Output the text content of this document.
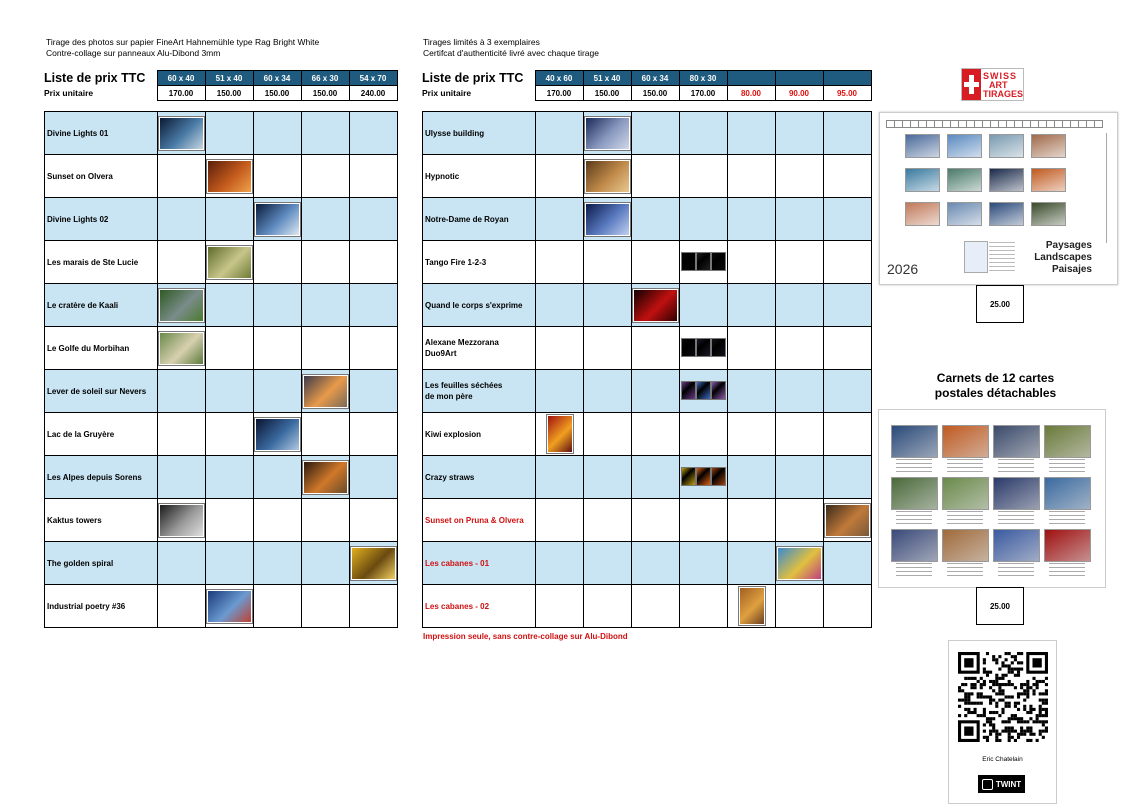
Tirage des photos sur papier FineArt Hahnemühle type Rag Bright White
Contre-collage sur panneaux Alu-Dibond 3mm
Tirages limités à 3 exemplaires
Certifcat d'authenticité livré avec chaque tirage
Liste de prix TTC	60 x 40	51 x 40	60 x 34	66 x 30	54 x 70
Prix unitaire	170.00	150.00	150.00	150.00	240.00
Liste de prix TTC	40 x 60	51 x 40	60 x 34	80 x 30			
Prix unitaire	170.00	150.00	150.00	170.00	80.00	90.00	95.00
Divine Lights 01					
Sunset on Olvera					
Divine Lights 02					
Les marais de Ste Lucie					
Le cratère de Kaali					
Le Golfe du Morbihan					
Lever de soleil sur Nevers					
Lac de la Gruyère					
Les Alpes depuis Sorens					
Kaktus towers					
The golden spiral					
Industrial poetry #36					
Ulysse building							
Hypnotic							
Notre-Dame de Royan							
Tango Fire 1-2-3				

Quand le corps s'exprime							
Alexane Mezzorana
Duo9Art				

Les feuilles séchées
de mon père				

Kiwi explosion							
Crazy straws				

Sunset on Pruna & Olvera							
Les cabanes - 01							
Les cabanes - 02							
Impression seule, sans contre-collage sur Alu-Dibond
SWISS
ART
TIRAGES
2026
Paysages
Landscapes
Paisajes
25.00
Carnets de 12 cartes
postales détachables
25.00
Eric Chatelain
TWINT
